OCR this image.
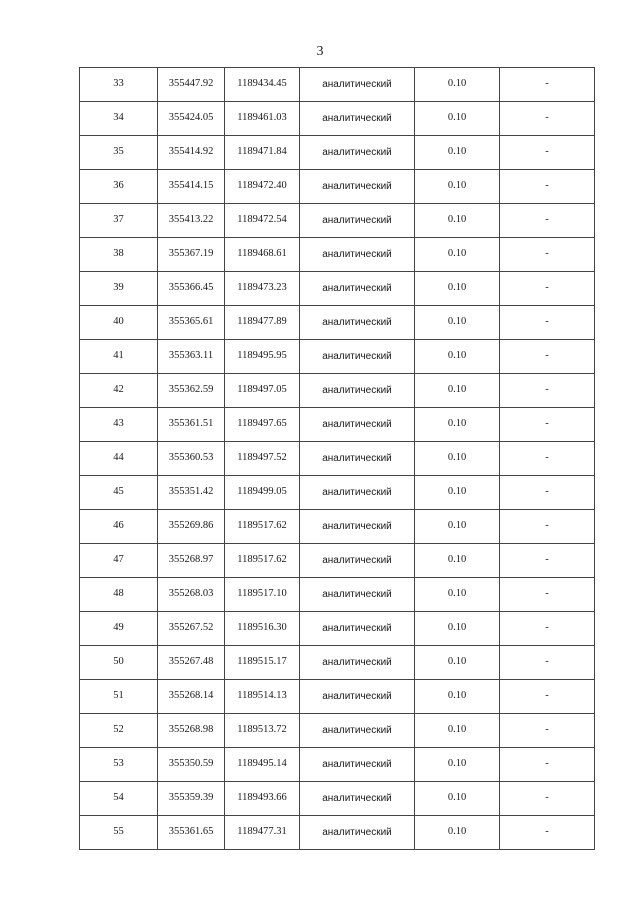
3
33	355447.92	1189434.45	аналитический	0.10	-
34	355424.05	1189461.03	аналитический	0.10	-
35	355414.92	1189471.84	аналитический	0.10	-
36	355414.15	1189472.40	аналитический	0.10	-
37	355413.22	1189472.54	аналитический	0.10	-
38	355367.19	1189468.61	аналитический	0.10	-
39	355366.45	1189473.23	аналитический	0.10	-
40	355365.61	1189477.89	аналитический	0.10	-
41	355363.11	1189495.95	аналитический	0.10	-
42	355362.59	1189497.05	аналитический	0.10	-
43	355361.51	1189497.65	аналитический	0.10	-
44	355360.53	1189497.52	аналитический	0.10	-
45	355351.42	1189499.05	аналитический	0.10	-
46	355269.86	1189517.62	аналитический	0.10	-
47	355268.97	1189517.62	аналитический	0.10	-
48	355268.03	1189517.10	аналитический	0.10	-
49	355267.52	1189516.30	аналитический	0.10	-
50	355267.48	1189515.17	аналитический	0.10	-
51	355268.14	1189514.13	аналитический	0.10	-
52	355268.98	1189513.72	аналитический	0.10	-
53	355350.59	1189495.14	аналитический	0.10	-
54	355359.39	1189493.66	аналитический	0.10	-
55	355361.65	1189477.31	аналитический	0.10	-
